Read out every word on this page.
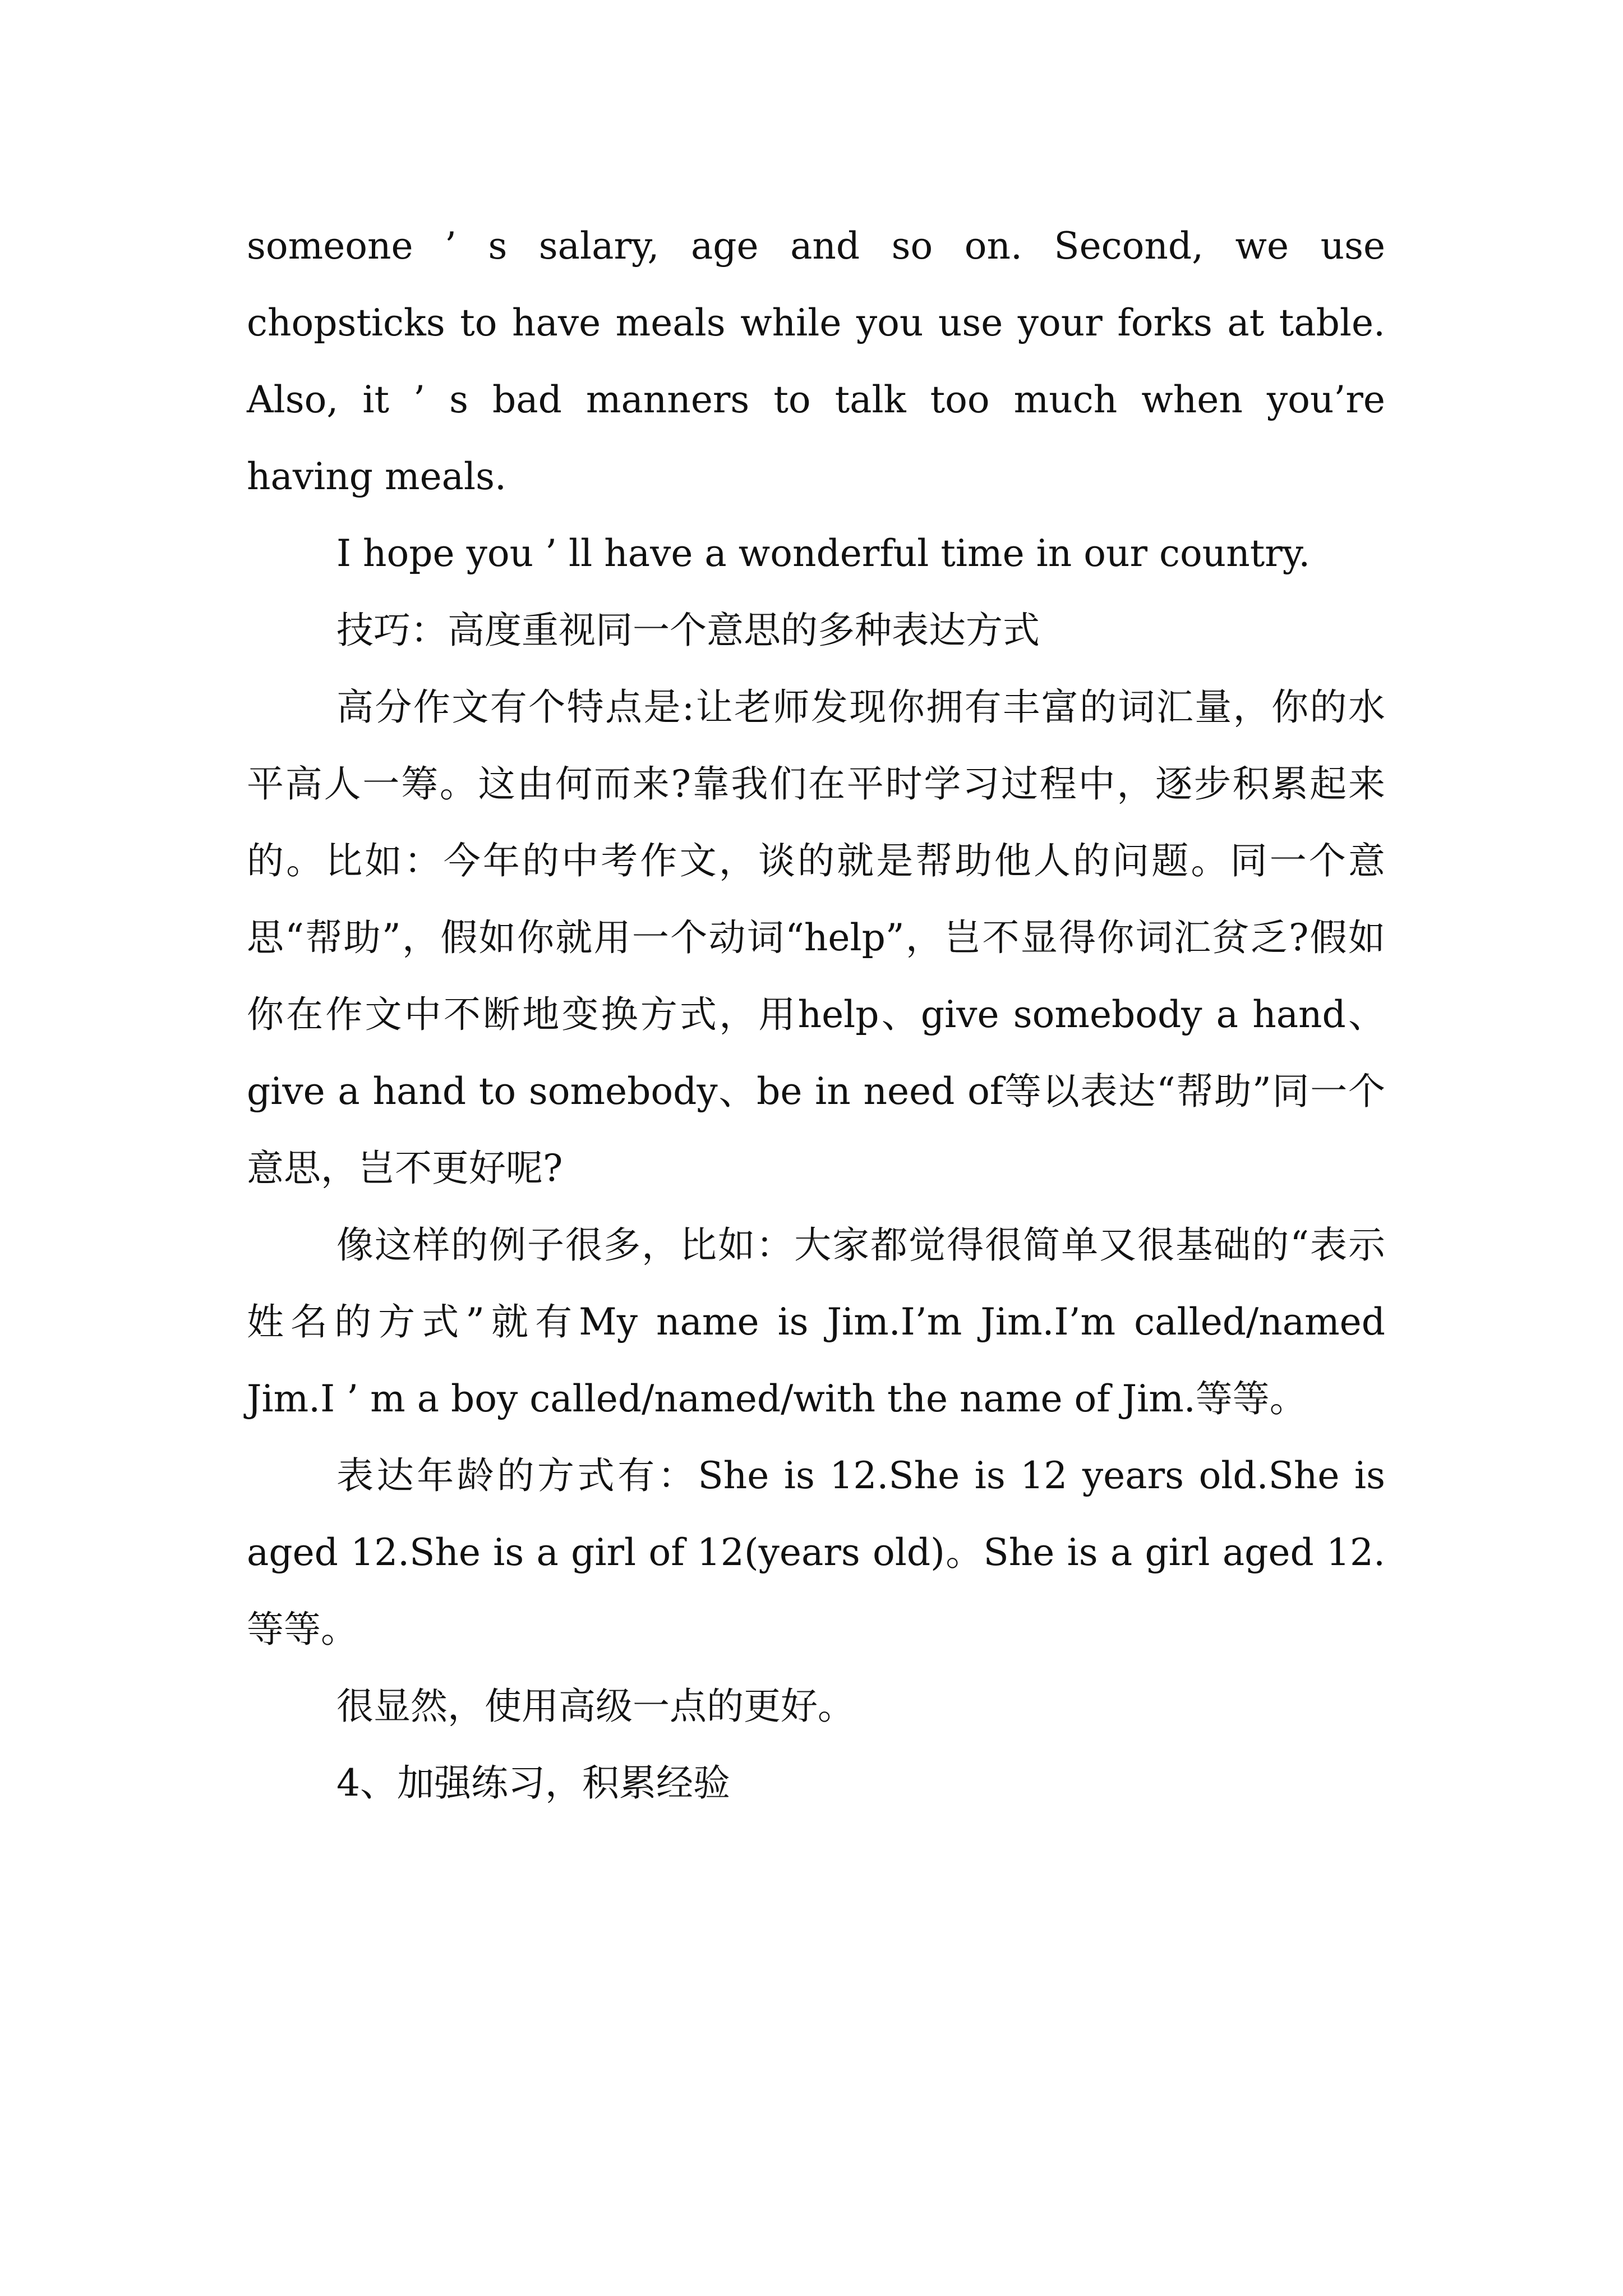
someone ’ s salary, age and so on. Second, we use chopsticks to have meals while you use your forks at table. Also, it ’ s bad manners to talk too much when you’re having meals.

I hope you ’ ll have a wonderful time in our country.

技巧：高度重视同一个意思的多种表达方式

高分作文有个特点是:让老师发现你拥有丰富的词汇量，你的水平高人一筹。这由何而来?靠我们在平时学习过程中，逐步积累起来的。比如：今年的中考作文，谈的就是帮助他人的问题。同一个意思“帮助”，假如你就用一个动词“help”，岂不显得你词汇贫乏?假如你在作文中不断地变换方式，用help、give somebody a hand、give a hand to somebody、be in need of等以表达“帮助”同一个意思，岂不更好呢?

像这样的例子很多，比如：大家都觉得很简单又很基础的“表示姓名的方式”就有My name is Jim.I’m Jim.I’m called/named Jim.I ’ m a boy called/named/with the name of Jim.等等。

表达年龄的方式有：She is 12.She is 12 years old.She is aged 12.She is a girl of 12(years old)。She is a girl aged 12.等等。

很显然，使用高级一点的更好。

4、加强练习，积累经验
